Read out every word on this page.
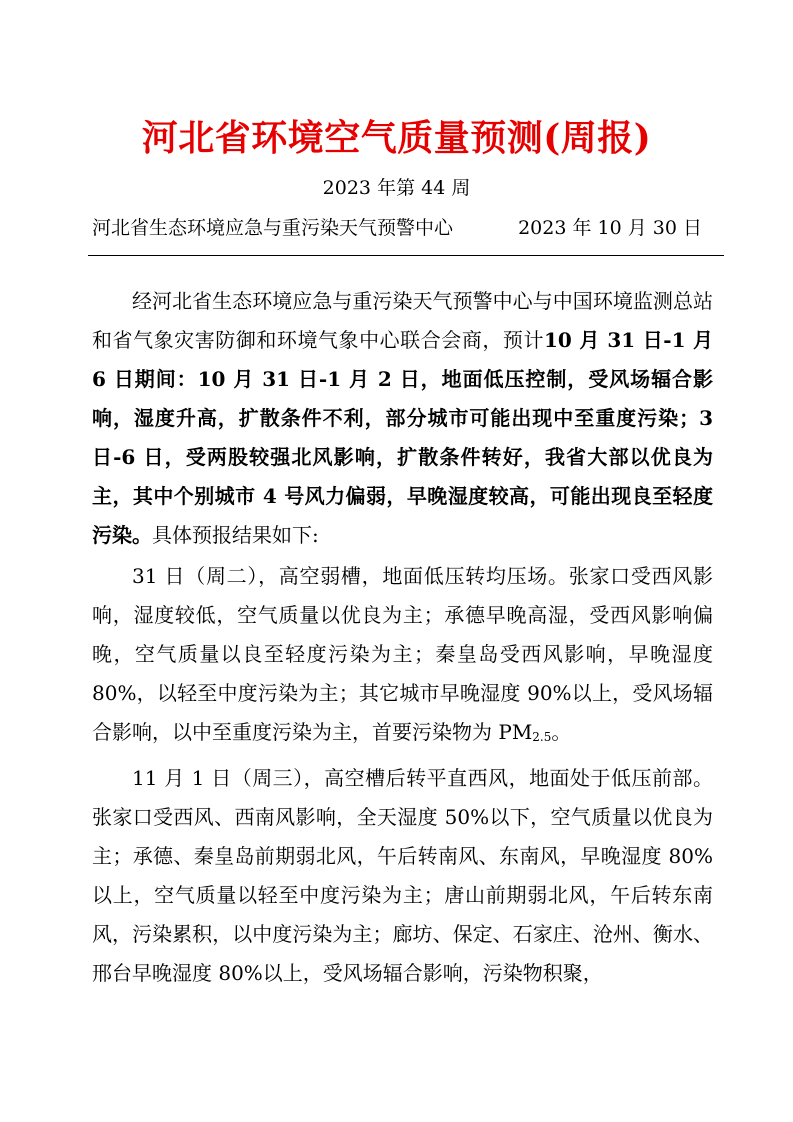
河北省环境空气质量预测(周报)
2023 年第 44 周
河北省生态环境应急与重污染天气预警中心	2023 年 10 月 30 日

经河北省生态环境应急与重污染天气预警中心与中国环境监测总站和省气象灾害防御和环境气象中心联合会商，预计10 月 31 日-1 月 6 日期间：10 月 31 日-1 月 2 日，地面低压控制，受风场辐合影响，湿度升高，扩散条件不利，部分城市可能出现中至重度污染；3 日-6 日，受两股较强北风影响，扩散条件转好，我省大部以优良为主，其中个别城市 4 号风力偏弱，早晚湿度较高，可能出现良至轻度污染。具体预报结果如下:

31 日（周二），高空弱槽，地面低压转均压场。张家口受西风影响，湿度较低，空气质量以优良为主；承德早晚高湿，受西风影响偏晚，空气质量以良至轻度污染为主；秦皇岛受西风影响，早晚湿度 80%，以轻至中度污染为主；其它城市早晚湿度 90%以上，受风场辐合影响，以中至重度污染为主，首要污染物为 $PM_{2.5}$。

11 月 1 日（周三），高空槽后转平直西风，地面处于低压前部。张家口受西风、西南风影响，全天湿度 50%以下，空气质量以优良为主；承德、秦皇岛前期弱北风，午后转南风、东南风，早晚湿度 80%以上，空气质量以轻至中度污染为主；唐山前期弱北风，午后转东南风，污染累积，以中度污染为主；廊坊、保定、石家庄、沧州、衡水、邢台早晚湿度 80%以上，受风场辐合影响，污染物积聚，
